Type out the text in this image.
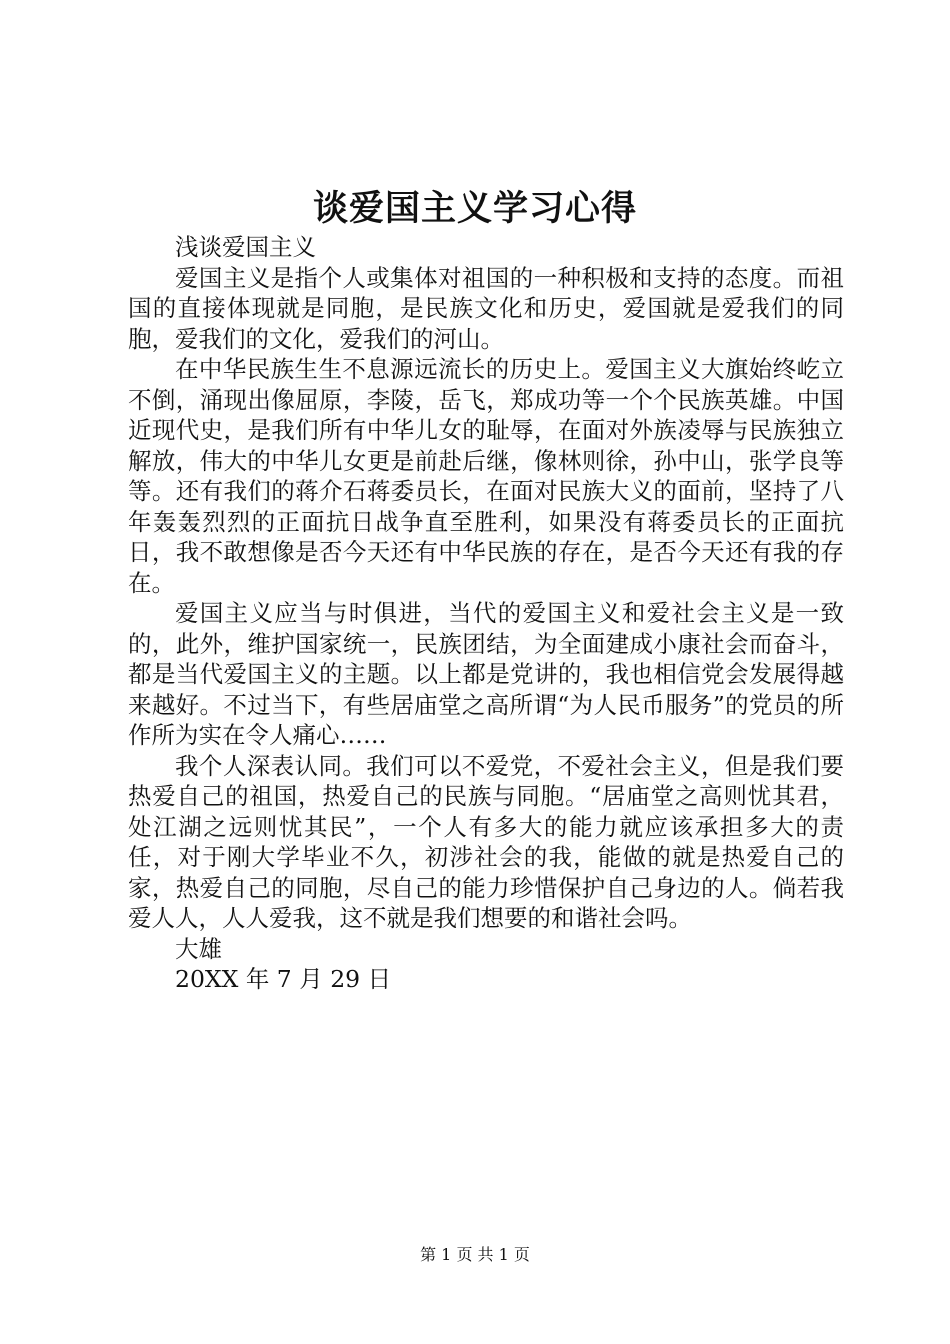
谈爱国主义学习心得

浅谈爱国主义

爱国主义是指个人或集体对祖国的一种积极和支持的态度。而祖国的直接体现就是同胞，是民族文化和历史，爱国就是爱我们的同胞，爱我们的文化，爱我们的河山。

在中华民族生生不息源远流长的历史上。爱国主义大旗始终屹立不倒，涌现出像屈原，李陵，岳飞，郑成功等一个个民族英雄。中国近现代史，是我们所有中华儿女的耻辱，在面对外族凌辱与民族独立解放，伟大的中华儿女更是前赴后继，像林则徐，孙中山，张学良等等。还有我们的蒋介石蒋委员长，在面对民族大义的面前，坚持了八年轰轰烈烈的正面抗日战争直至胜利，如果没有蒋委员长的正面抗日，我不敢想像是否今天还有中华民族的存在，是否今天还有我的存在。

爱国主义应当与时俱进，当代的爱国主义和爱社会主义是一致的，此外，维护国家统一，民族团结，为全面建成小康社会而奋斗，都是当代爱国主义的主题。以上都是党讲的，我也相信党会发展得越来越好。不过当下，有些居庙堂之高所谓“为人民币服务”的党员的所作所为实在令人痛心……

我个人深表认同。我们可以不爱党，不爱社会主义，但是我们要热爱自己的祖国，热爱自己的民族与同胞。“居庙堂之高则忧其君，处江湖之远则忧其民”，一个人有多大的能力就应该承担多大的责任，对于刚大学毕业不久，初涉社会的我，能做的就是热爱自己的家，热爱自己的同胞，尽自己的能力珍惜保护自己身边的人。倘若我爱人人，人人爱我，这不就是我们想要的和谐社会吗。

大雄

20XX 年 7 月 29 日

第 1 页 共 1 页
